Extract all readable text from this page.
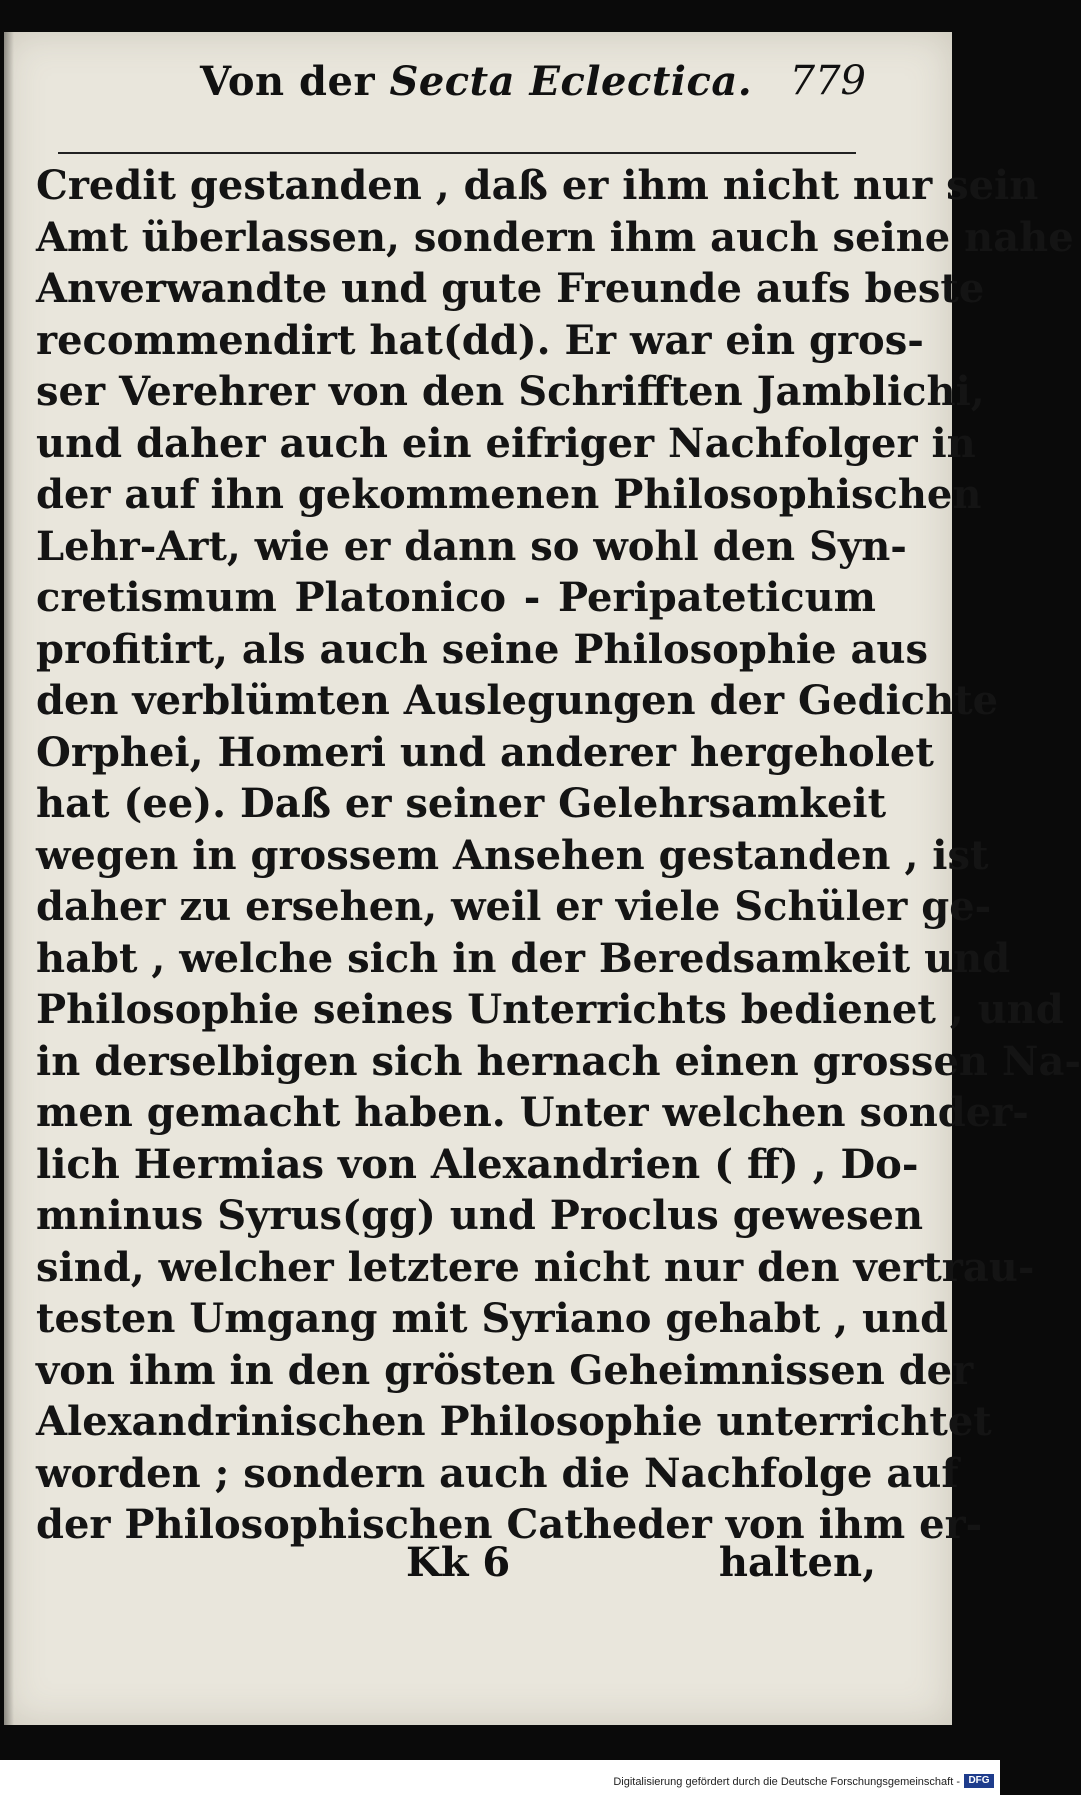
Von der Secta Eclectica. 779
Credit gestanden , daß er ihm nicht nur sein
Amt überlassen, sondern ihm auch seine nahe
Anverwandte und gute Freunde aufs beste
recommendirt hat(dd). Er war ein gros-
ser Verehrer von den Schrifften Jamblichi,
und daher auch ein eifriger Nachfolger in
der auf ihn gekommenen Philosophischen
Lehr-Art, wie er dann so wohl den Syn-
cretismum Platonico - Peripateticum
profitirt, als auch seine Philosophie aus
den verblümten Auslegungen der Gedichte
Orphei, Homeri und anderer hergeholet
hat (ee). Daß er seiner Gelehrsamkeit
wegen in grossem Ansehen gestanden , ist
daher zu ersehen, weil er viele Schüler ge-
habt , welche sich in der Beredsamkeit und
Philosophie seines Unterrichts bedienet , und
in derselbigen sich hernach einen grossen Na-
men gemacht haben. Unter welchen sonder-
lich Hermias von Alexandrien ( ff) , Do-
mninus Syrus(gg) und Proclus gewesen
sind, welcher letztere nicht nur den vertrau-
testen Umgang mit Syriano gehabt , und
von ihm in den grösten Geheimnissen der
Alexandrinischen Philosophie unterrichtet
worden ; sondern auch die Nachfolge auf
der Philosophischen Catheder von ihm er-
Kk 6	halten,
Digitalisierung gefördert durch die Deutsche Forschungsgemeinschaft - DFG
